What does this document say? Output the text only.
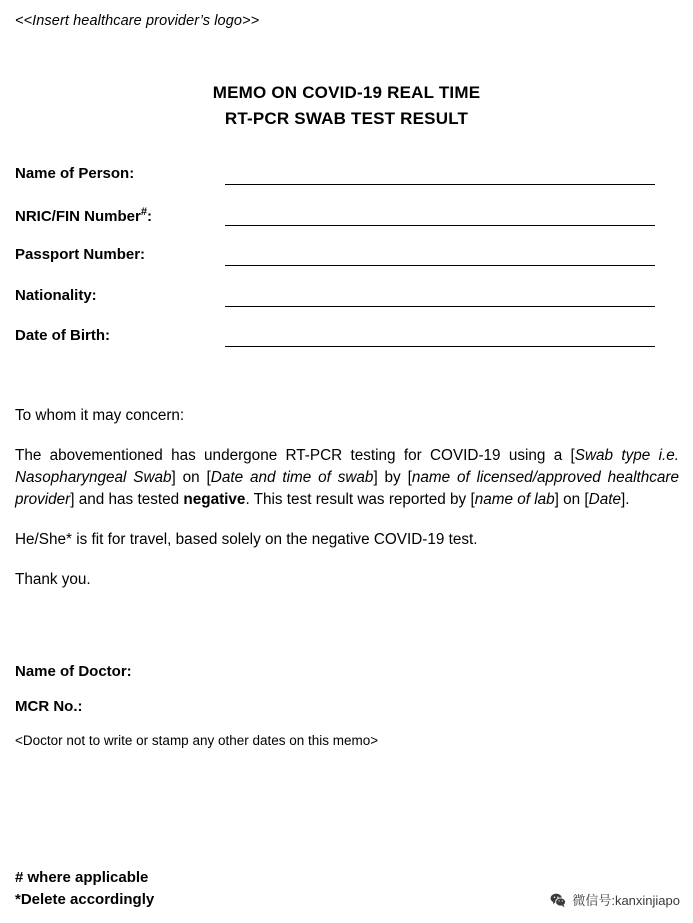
<<Insert healthcare provider’s logo>>
MEMO ON COVID-19 REAL TIME
RT-PCR SWAB TEST RESULT
Name of Person:
NRIC/FIN Number#:
Passport Number:
Nationality:
Date of Birth:

To whom it may concern:

The abovementioned has undergone RT-PCR testing for COVID-19 using a [Swab type i.e. Nasopharyngeal Swab] on [Date and time of swab] by [name of licensed/approved healthcare provider] and has tested negative. This test result was reported by [name of lab] on [Date].

He/She* is fit for travel, based solely on the negative COVID-19 test.

Thank you.

Name of Doctor:
MCR No.:
<Doctor not to write or stamp any other dates on this memo>
# where applicable
*Delete accordingly	微信号:kanxinjiapo
